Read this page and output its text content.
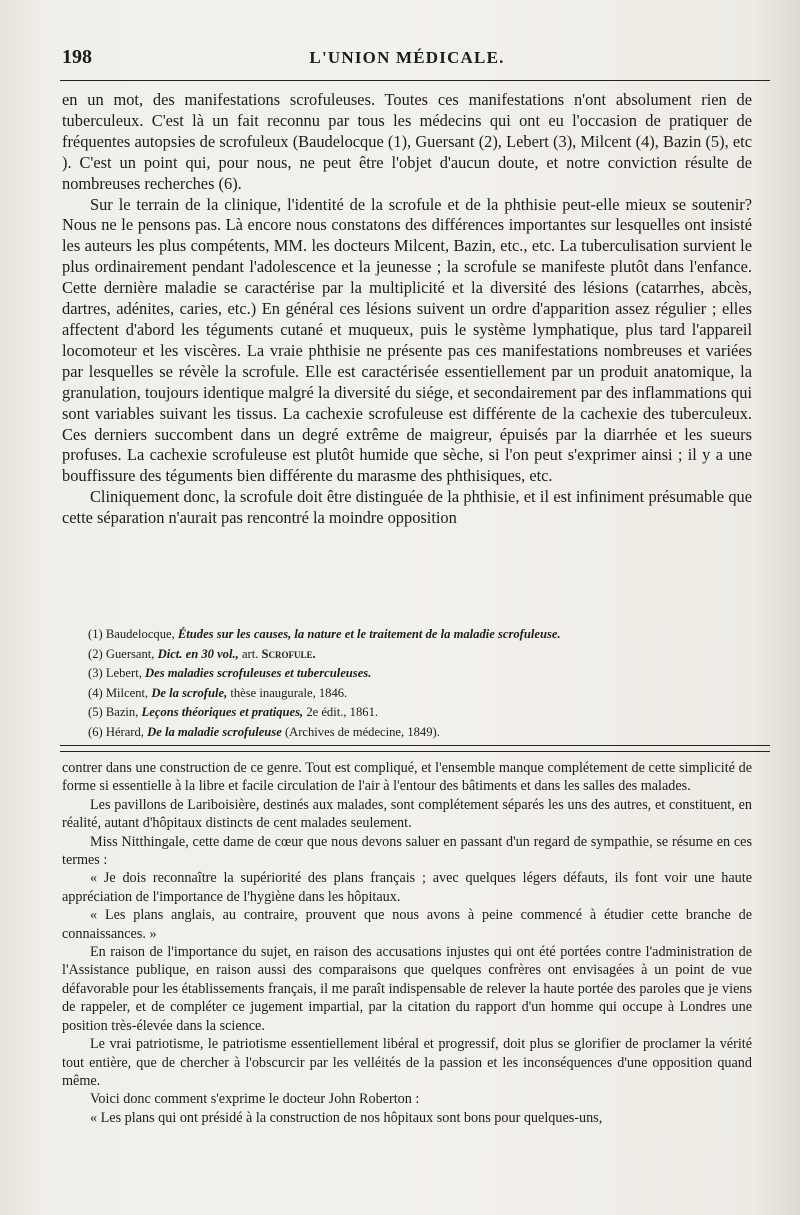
198	L'UNION MÉDICALE.

en un mot, des manifestations scrofuleuses. Toutes ces manifestations n'ont absolument rien de tuberculeux. C'est là un fait reconnu par tous les médecins qui ont eu l'occasion de pratiquer de fréquentes autopsies de scrofuleux (Baudelocque (1), Guersant (2), Lebert (3), Milcent (4), Bazin (5), etc ). C'est un point qui, pour nous, ne peut être l'objet d'aucun doute, et notre conviction résulte de nombreuses recherches (6).

Sur le terrain de la clinique, l'identité de la scrofule et de la phthisie peut-elle mieux se soutenir? Nous ne le pensons pas. Là encore nous constatons des différences importantes sur lesquelles ont insisté les auteurs les plus compétents, MM. les docteurs Milcent, Bazin, etc., etc. La tuberculisation survient le plus ordinairement pendant l'adolescence et la jeunesse ; la scrofule se manifeste plutôt dans l'enfance. Cette dernière maladie se caractérise par la multiplicité et la diversité des lésions (catarrhes, abcès, dartres, adénites, caries, etc.) En général ces lésions suivent un ordre d'apparition assez régulier ; elles affectent d'abord les téguments cutané et muqueux, puis le système lymphatique, plus tard l'appareil locomoteur et les viscères. La vraie phthisie ne présente pas ces manifestations nombreuses et variées par lesquelles se révèle la scrofule. Elle est caractérisée essentiellement par un produit anatomique, la granulation, toujours identique malgré la diversité du siége, et secondairement par des inflammations qui sont variables suivant les tissus. La cachexie scrofuleuse est différente de la cachexie des tuberculeux. Ces derniers succombent dans un degré extrême de maigreur, épuisés par la diarrhée et les sueurs profuses. La cachexie scrofuleuse est plutôt humide que sèche, si l'on peut s'exprimer ainsi ; il y a une bouffissure des téguments bien différente du marasme des phthisiques, etc.

Cliniquement donc, la scrofule doit être distinguée de la phthisie, et il est infiniment présumable que cette séparation n'aurait pas rencontré la moindre opposition

(1) Baudelocque, Études sur les causes, la nature et le traitement de la maladie scrofuleuse.
(2) Guersant, Dict. en 30 vol., art. Scrofule.
(3) Lebert, Des maladies scrofuleuses et tuberculeuses.
(4) Milcent, De la scrofule, thèse inaugurale, 1846.
(5) Bazin, Leçons théoriques et pratiques, 2e édit., 1861.
(6) Hérard, De la maladie scrofuleuse (Archives de médecine, 1849).

contrer dans une construction de ce genre. Tout est compliqué, et l'ensemble manque complétement de cette simplicité de forme si essentielle à la libre et facile circulation de l'air à l'entour des bâtiments et dans les salles des malades.

Les pavillons de Lariboisière, destinés aux malades, sont complétement séparés les uns des autres, et constituent, en réalité, autant d'hôpitaux distincts de cent malades seulement.

Miss Nitthingale, cette dame de cœur que nous devons saluer en passant d'un regard de sympathie, se résume en ces termes :

« Je dois reconnaître la supériorité des plans français ; avec quelques légers défauts, ils font voir une haute appréciation de l'importance de l'hygiène dans les hôpitaux.

« Les plans anglais, au contraire, prouvent que nous avons à peine commencé à étudier cette branche de connaissances. »

En raison de l'importance du sujet, en raison des accusations injustes qui ont été portées contre l'administration de l'Assistance publique, en raison aussi des comparaisons que quelques confrères ont envisagées à un point de vue défavorable pour les établissements français, il me paraît indispensable de relever la haute portée des paroles que je viens de rappeler, et de compléter ce jugement impartial, par la citation du rapport d'un homme qui occupe à Londres une position très-élevée dans la science.

Le vrai patriotisme, le patriotisme essentiellement libéral et progressif, doit plus se glorifier de proclamer la vérité tout entière, que de chercher à l'obscurcir par les velléités de la passion et les inconséquences d'une opposition quand même.

Voici donc comment s'exprime le docteur John Roberton :

« Les plans qui ont présidé à la construction de nos hôpitaux sont bons pour quelques-uns,
